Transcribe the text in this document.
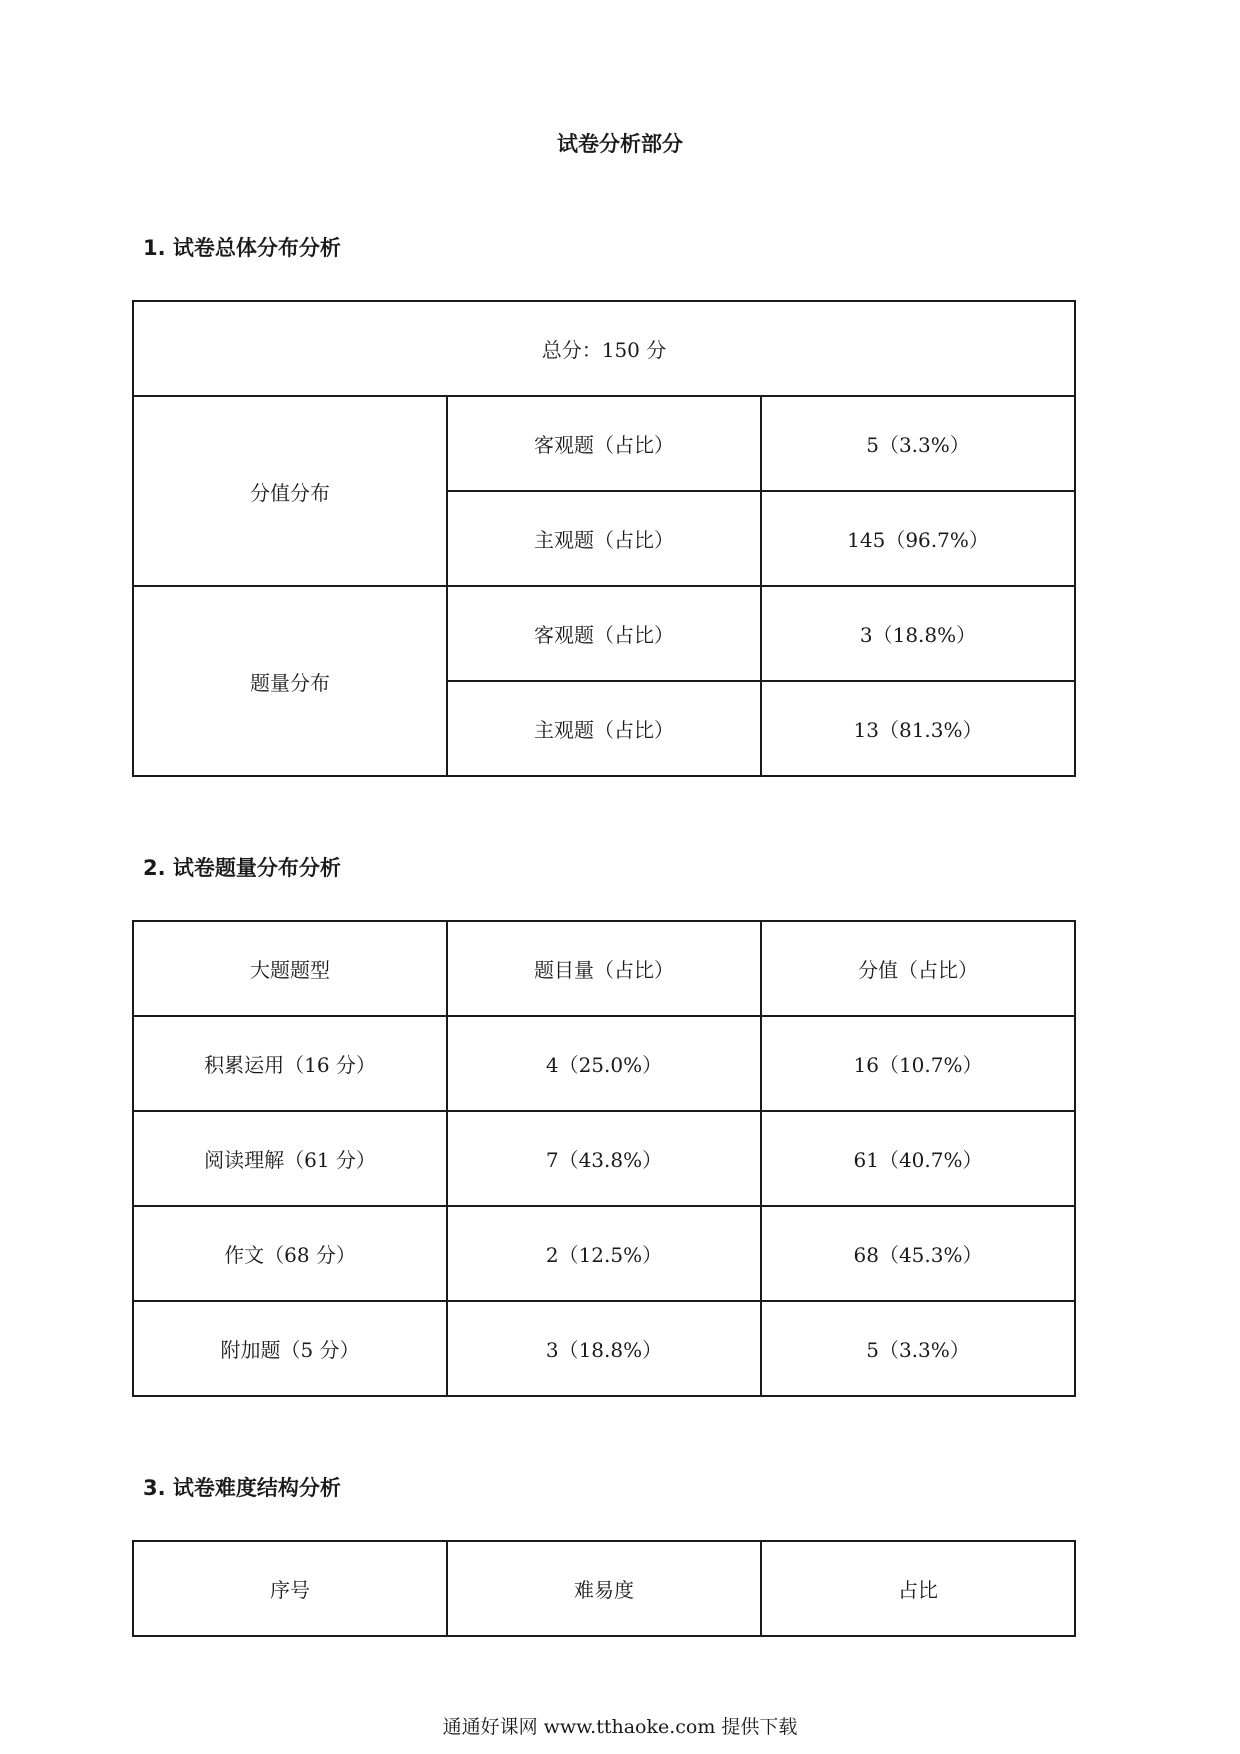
试卷分析部分
1. 试卷总体分布分析
总分：150 分		
分值分布	客观题（占比）	5（3.3%）
	主观题（占比）	145（96.7%）
题量分布	客观题（占比）	3（18.8%）
	主观题（占比）	13（81.3%）
2. 试卷题量分布分析
大题题型	题目量（占比）	分值（占比）
积累运用（16 分）	4（25.0%）	16（10.7%）
阅读理解（61 分）	7（43.8%）	61（40.7%）
作文（68 分）	2（12.5%）	68（45.3%）
附加题（5 分）	3（18.8%）	5（3.3%）
3. 试卷难度结构分析
序号	难易度	占比
通通好课网 www.tthaoke.com 提供下载
